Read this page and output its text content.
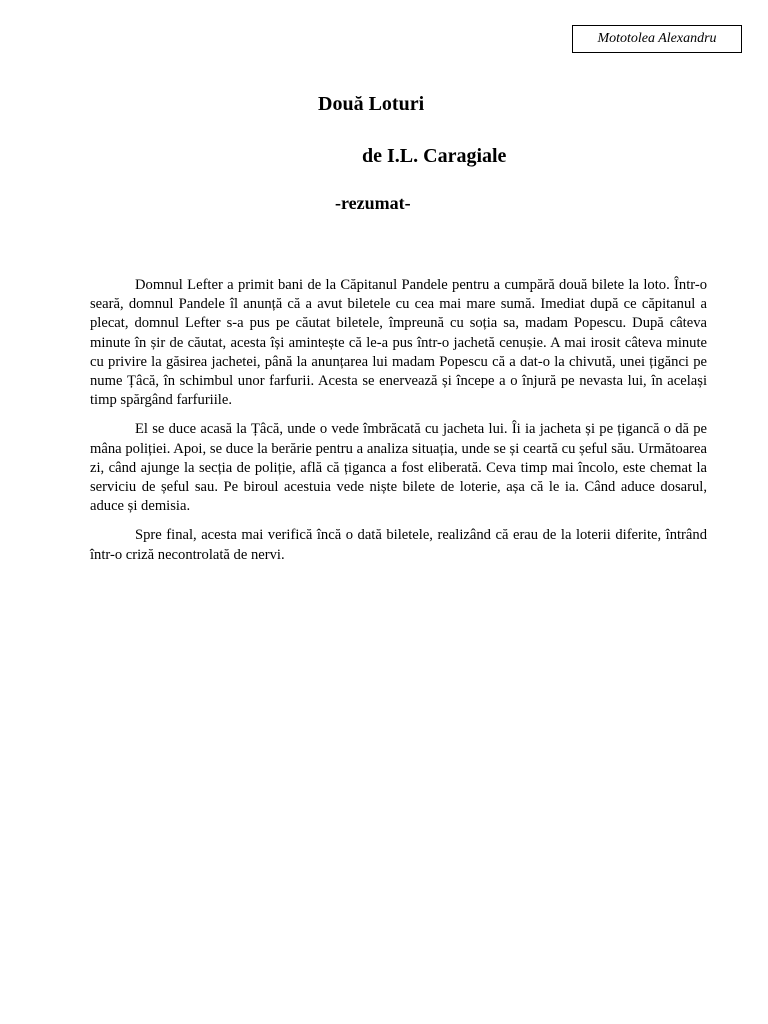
Mototolea Alexandru
Două Loturi
de I.L. Caragiale
-rezumat-

Domnul Lefter a primit bani de la Căpitanul Pandele pentru a cumpără două bilete la loto. Într-o seară, domnul Pandele îl anunță că a avut biletele cu cea mai mare sumă. Imediat după ce căpitanul a plecat, domnul Lefter s-a pus pe căutat biletele, împreună cu soția sa, madam Popescu. După câteva minute în șir de căutat, acesta își amintește că le-a pus într-o jachetă cenușie. A mai irosit câteva minute cu privire la găsirea jachetei, până la anunțarea lui madam Popescu că a dat-o la chivută, unei țigănci pe nume Țâcă, în schimbul unor farfurii. Acesta se enervează și începe a o înjură pe nevasta lui, în același timp spărgând farfuriile.

El se duce acasă la Țâcă, unde o vede îmbrăcată cu jacheta lui. Îi ia jacheta și pe țigancă o dă pe mâna poliției. Apoi, se duce la berărie pentru a analiza situația, unde se și ceartă cu șeful său. Următoarea zi, când ajunge la secția de poliție, află că țiganca a fost eliberată. Ceva timp mai încolo, este chemat la serviciu de șeful sau. Pe biroul acestuia vede niște bilete de loterie, așa că le ia. Când aduce dosarul, aduce și demisia.

Spre final, acesta mai verifică încă o dată biletele, realizând că erau de la loterii diferite, întrând într-o criză necontrolată de nervi.
